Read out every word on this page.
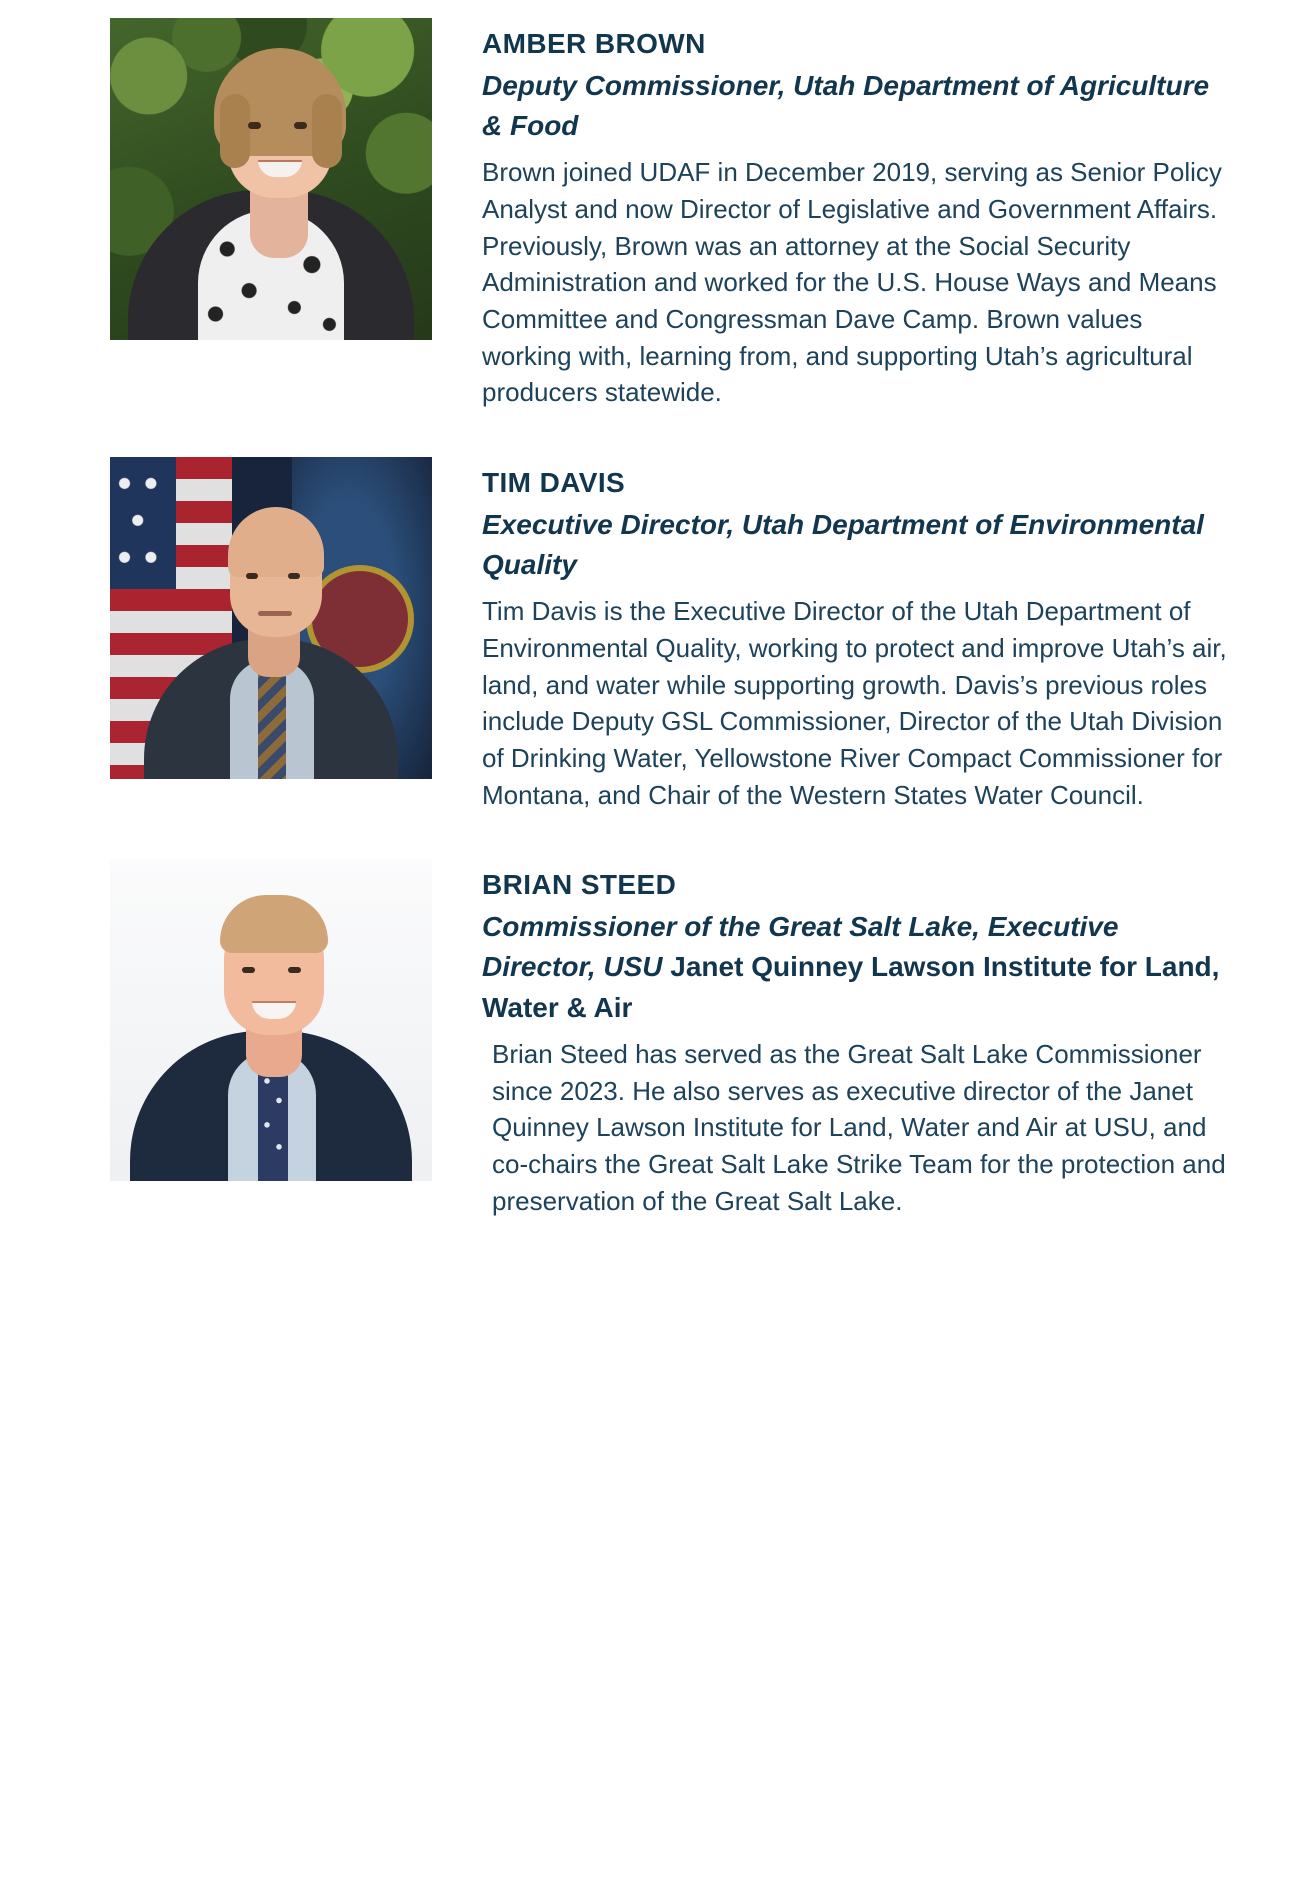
AMBER BROWN
Deputy Commissioner, Utah Department of Agriculture & Food

Brown joined UDAF in December 2019, serving as Senior Policy Analyst and now Director of Legislative and Government Affairs. Previously, Brown was an attorney at the Social Security Administration and worked for the U.S. House Ways and Means Committee and Congressman Dave Camp. Brown values working with, learning from, and supporting Utah’s agricultural producers statewide.

TIM DAVIS
Executive Director, Utah Department of Environmental Quality

Tim Davis is the Executive Director of the Utah Department of Environmental Quality, working to protect and improve Utah’s air, land, and water while supporting growth. Davis’s previous roles include Deputy GSL Commissioner, Director of the Utah Division of Drinking Water, Yellowstone River Compact Commissioner for Montana, and Chair of the Western States Water Council.

BRIAN STEED
Commissioner of the Great Salt Lake, Executive Director, USU Janet Quinney Lawson Institute for Land, Water & Air

Brian Steed has served as the Great Salt Lake Commissioner since 2023. He also serves as executive director of the Janet Quinney Lawson Institute for Land, Water and Air at USU, and co-chairs the Great Salt Lake Strike Team for the protection and preservation of the Great Salt Lake.
